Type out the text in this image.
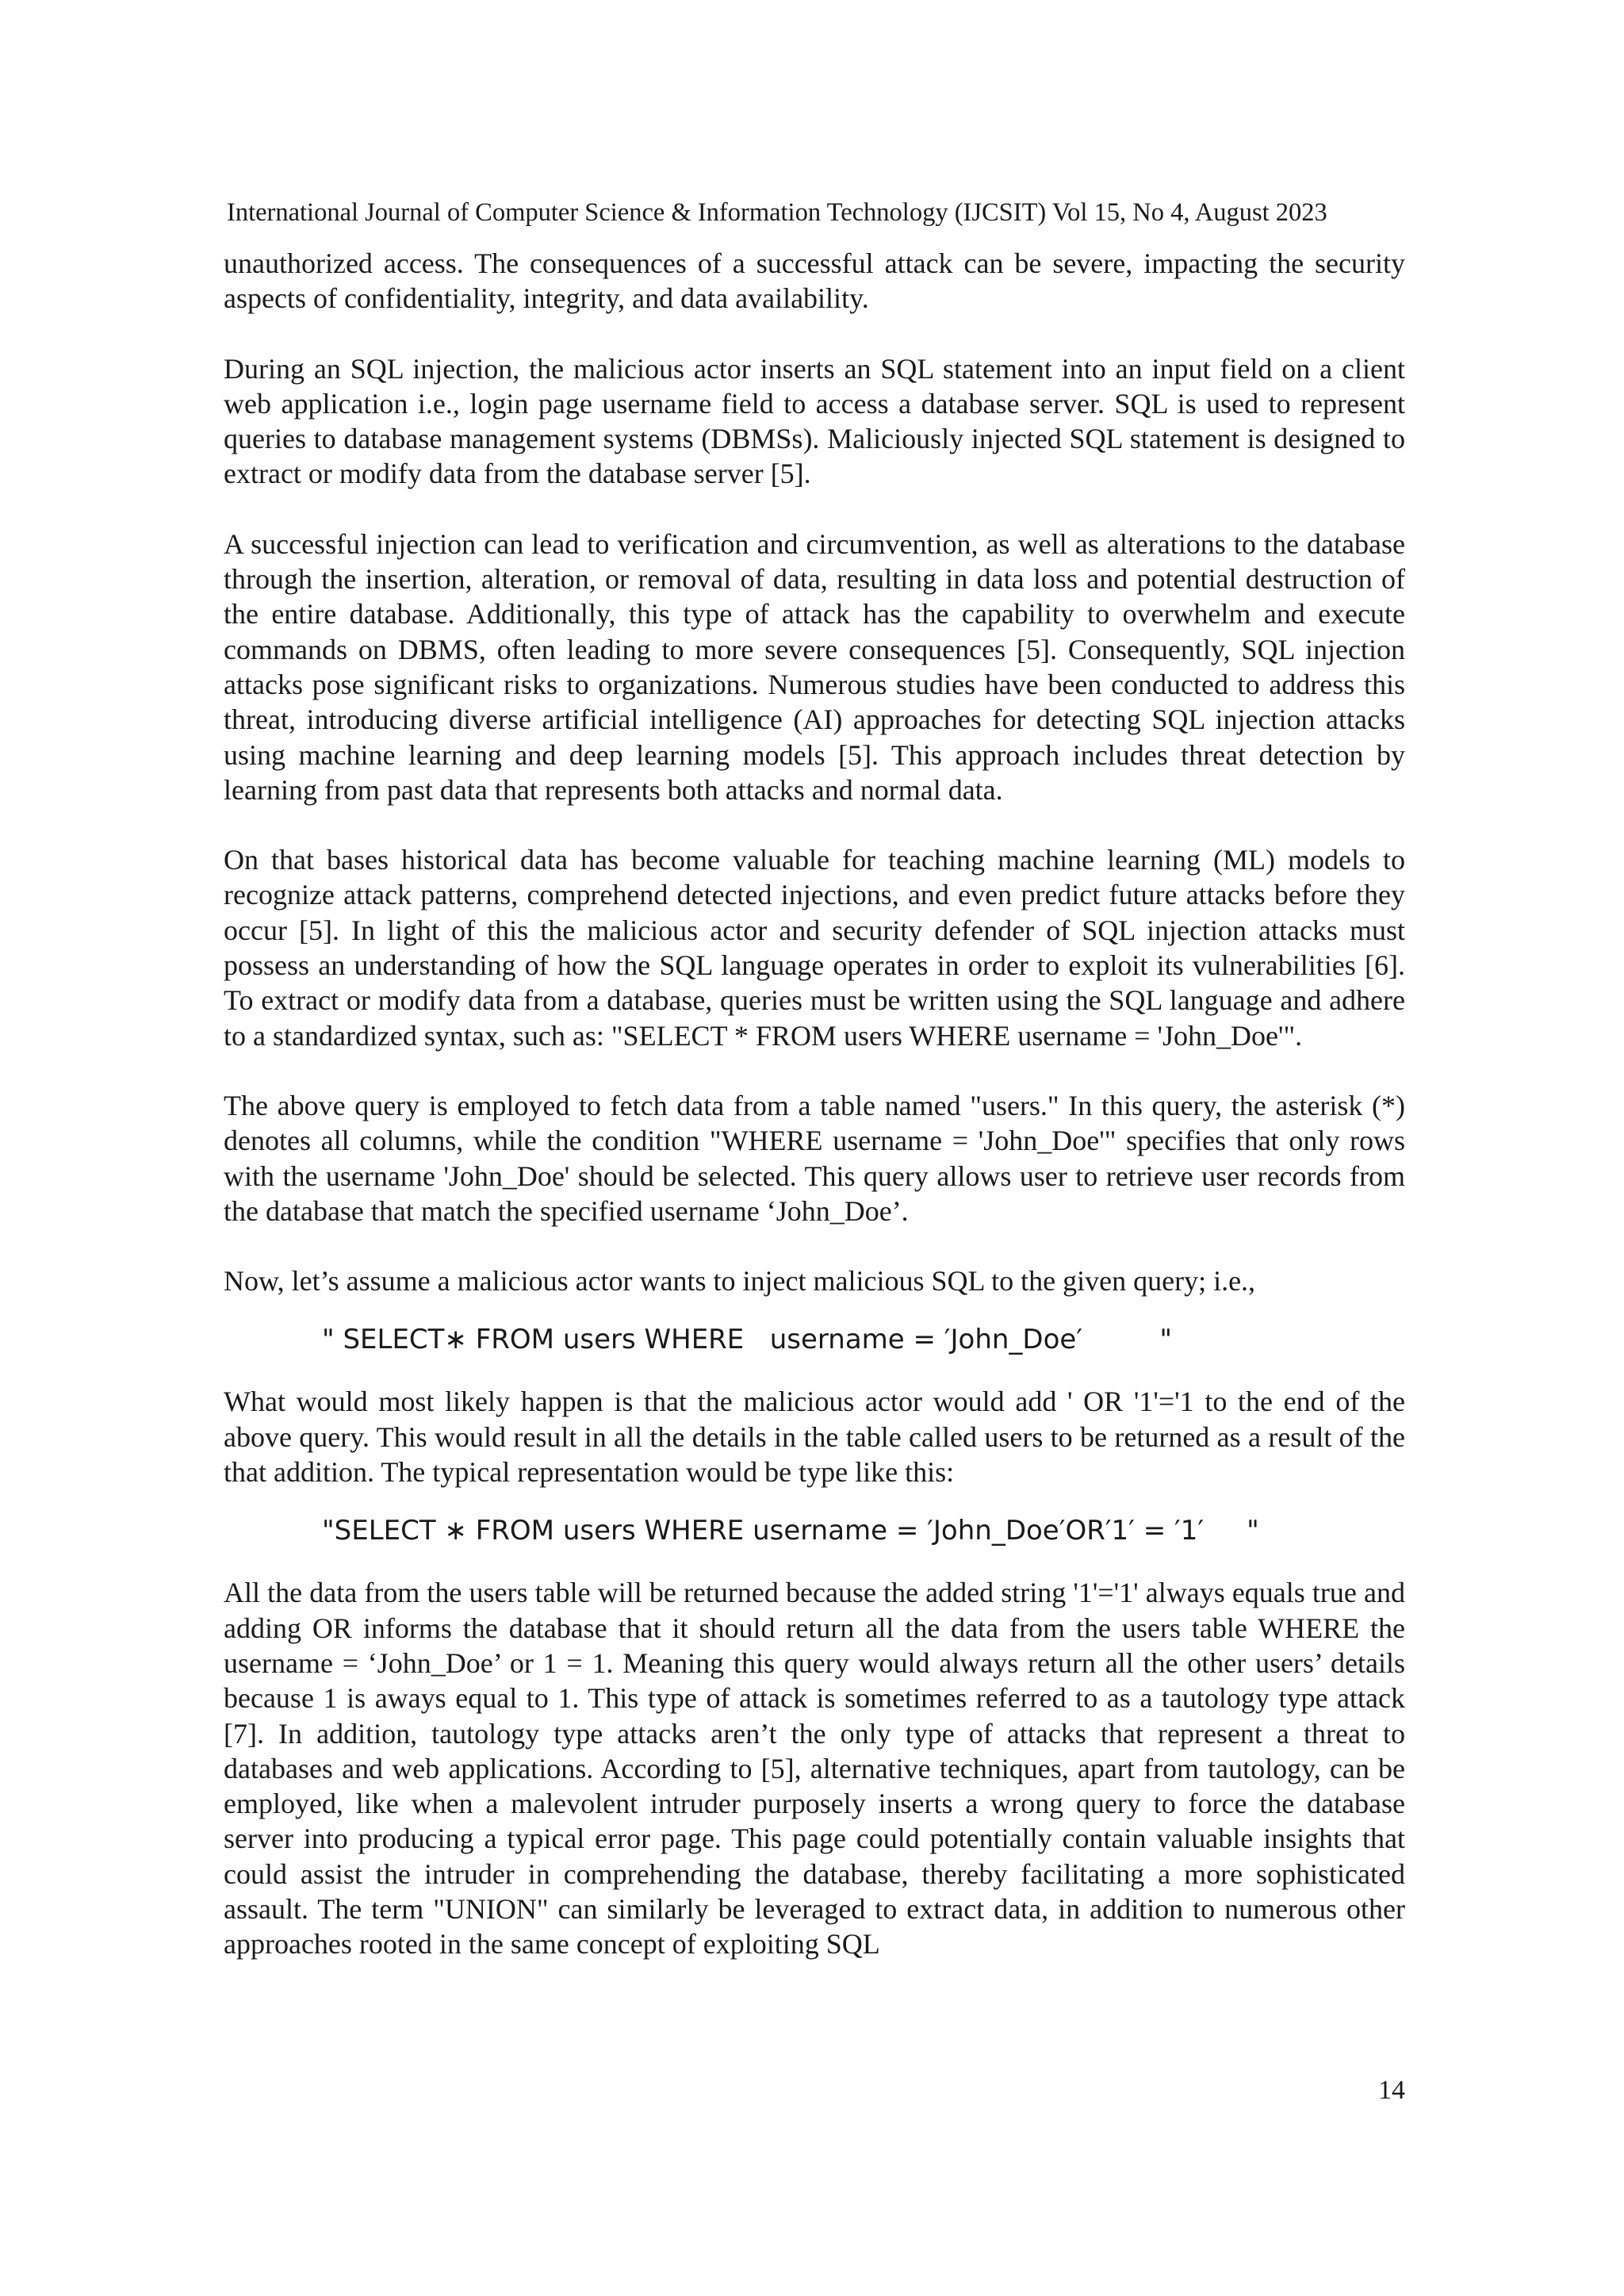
International Journal of Computer Science & Information Technology (IJCSIT) Vol 15, No 4, August 2023

unauthorized access. The consequences of a successful attack can be severe, impacting the security aspects of confidentiality, integrity, and data availability.

During an SQL injection, the malicious actor inserts an SQL statement into an input field on a client web application i.e., login page username field to access a database server. SQL is used to represent queries to database management systems (DBMSs). Maliciously injected SQL statement is designed to extract or modify data from the database server [5].

A successful injection can lead to verification and circumvention, as well as alterations to the database through the insertion, alteration, or removal of data, resulting in data loss and potential destruction of the entire database. Additionally, this type of attack has the capability to overwhelm and execute commands on DBMS, often leading to more severe consequences [5]. Consequently, SQL injection attacks pose significant risks to organizations. Numerous studies have been conducted to address this threat, introducing diverse artificial intelligence (AI) approaches for detecting SQL injection attacks using machine learning and deep learning models [5]. This approach includes threat detection by learning from past data that represents both attacks and normal data.

On that bases historical data has become valuable for teaching machine learning (ML) models to recognize attack patterns, comprehend detected injections, and even predict future attacks before they occur [5]. In light of this the malicious actor and security defender of SQL injection attacks must possess an understanding of how the SQL language operates in order to exploit its vulnerabilities [6]. To extract or modify data from a database, queries must be written using the SQL language and adhere to a standardized syntax, such as: "SELECT * FROM users WHERE username = 'John_Doe'".

The above query is employed to fetch data from a table named "users." In this query, the asterisk (*) denotes all columns, while the condition "WHERE username = 'John_Doe'" specifies that only rows with the username 'John_Doe' should be selected. This query allows user to retrieve user records from the database that match the specified username ‘John_Doe’.

Now, let’s assume a malicious actor wants to inject malicious SQL to the given query; i.e.,

" SELECT∗ FROM users WHERE   username = ′John_Doe′         "

What would most likely happen is that the malicious actor would add ' OR '1'='1 to the end of the above query. This would result in all the details in the table called users to be returned as a result of the that addition. The typical representation would be type like this:

"SELECT ∗ FROM users WHERE username = ′John_Doe′OR′1′ = ′1′     "

All the data from the users table will be returned because the added string '1'='1' always equals true and adding OR informs the database that it should return all the data from the users table WHERE the username = ‘John_Doe’ or 1 = 1. Meaning this query would always return all the other users’ details because 1 is aways equal to 1. This type of attack is sometimes referred to as a tautology type attack [7]. In addition, tautology type attacks aren’t the only type of attacks that represent a threat to databases and web applications. According to [5], alternative techniques, apart from tautology, can be employed, like when a malevolent intruder purposely inserts a wrong query to force the database server into producing a typical error page. This page could potentially contain valuable insights that could assist the intruder in comprehending the database, thereby facilitating a more sophisticated assault. The term "UNION" can similarly be leveraged to extract data, in addition to numerous other approaches rooted in the same concept of exploiting SQL

14
